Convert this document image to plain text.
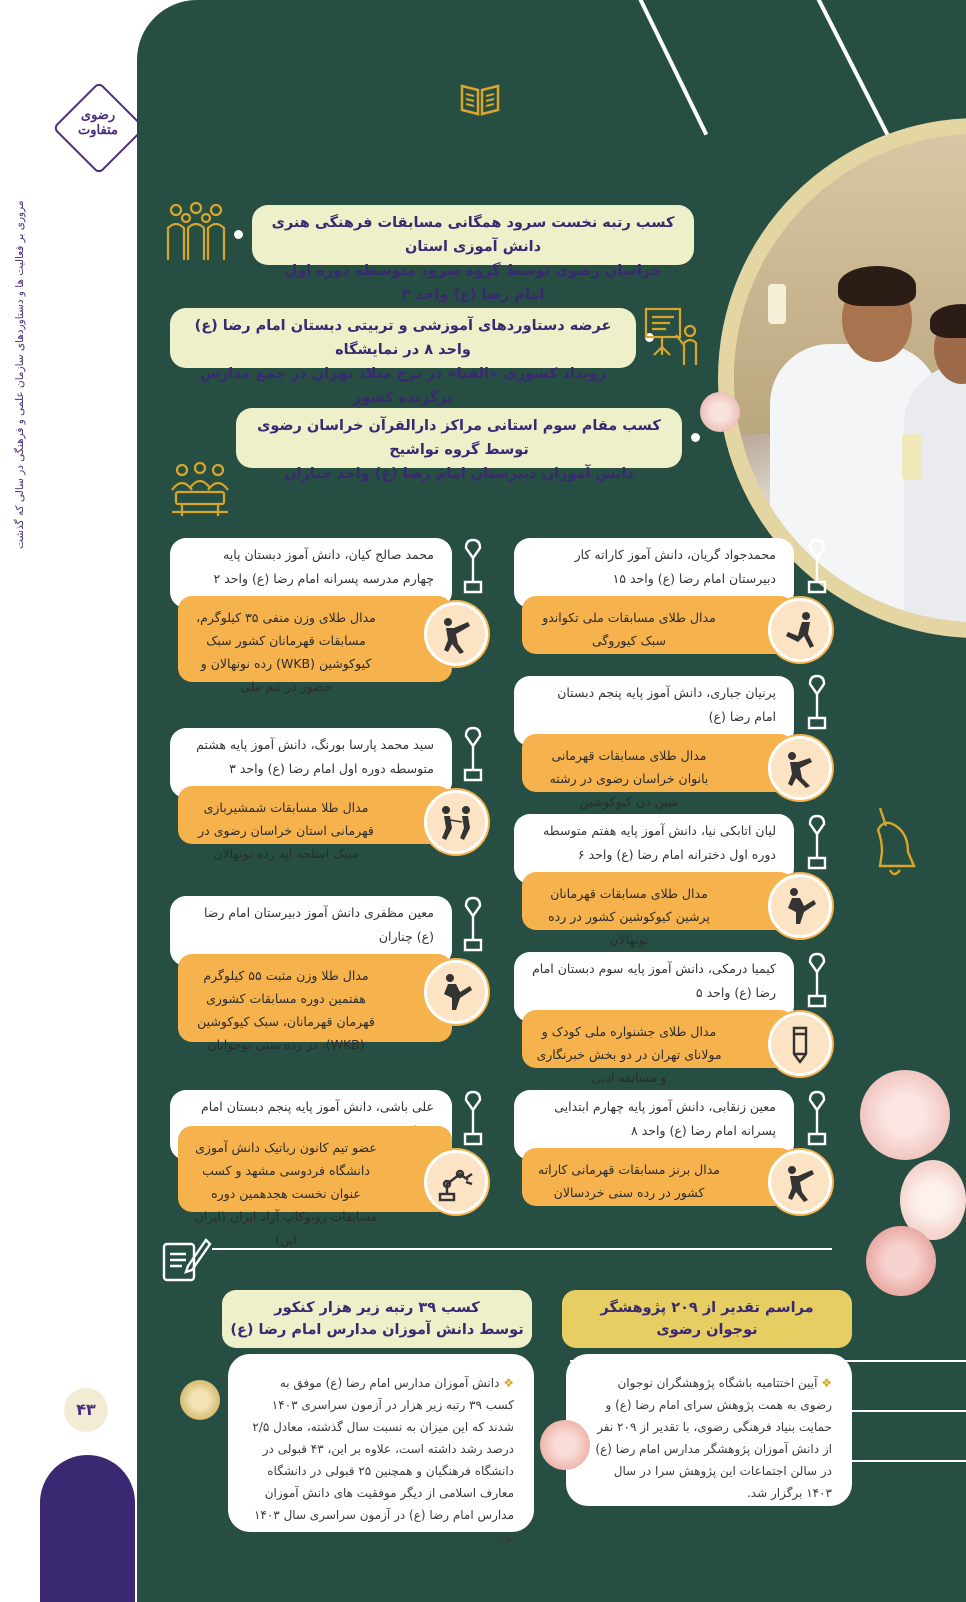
رضوی متفاوت
مروری بر فعالیت ها و دستاوردهای سازمان علمی و فرهنگی در سالی که گذشت
۴۳
کسب رتبه نخست سرود همگانی مسابقات فرهنگی هنری دانش آموزی استان
خراسان رضوی توسط گروه سرود متوسطه دوره اول امام رضا (ع) واحد ۳
عرضه دستاوردهای آموزشی و تربیتی دبستان امام رضا (ع) واحد ۸ در نمایشگاه
رویداد کشوری «الفتا» در برج میلاد تهران در جمع مدارس برگزیده کشور
کسب مقام سوم استانی مراکز دارالقرآن خراسان رضوی توسط گروه تواشیح
دانش آموزان دبیرستان امام رضا (ع) واحد چناران
محمدجواد گریان، دانش آموز کاراته کار دبیرستان امام رضا (ع) واحد ۱۵
مدال طلای مسابقات ملی تکواندو سبک کیوروگی
پرنیان جباری، دانش آموز پایه پنجم دبستان امام رضا (ع)
مدال طلای مسابقات قهرمانی بانوان خراسان رضوی در رشته شین ذن کیوکوشین
لیان اتابکی نیا، دانش آموز پایه هفتم متوسطه دوره اول دخترانه امام رضا (ع) واحد ۶
مدال طلای مسابقات قهرمانان پرشین کیوکوشین کشور در رده نونهالان
کیمیا درمکی، دانش آموز پایه سوم دبستان امام رضا (ع) واحد ۵
مدال طلای جشنواره ملی کودک و مولانای تهران در دو بخش خبرنگاری و مسابقه ادبی
معین زنقابی، دانش آموز پایه چهارم ابتدایی پسرانه امام رضا (ع) واحد ۸
مدال برنز مسابقات قهرمانی کاراته کشور در رده سنی خردسالان
محمد صالح کیان، دانش آموز دبستان پایه چهارم مدرسه پسرانه امام رضا (ع) واحد ۲
مدال طلای وزن منفی ۳۵ کیلوگرم، مسابقات قهرمانان کشور سبک کیوکوشین (WKB) رده نونهالان و حضور در تیم ملی
سید محمد پارسا بورنگ، دانش آموز پایه هشتم متوسطه دوره اول امام رضا (ع) واحد ۳
مدال طلا مسابقات شمشیربازی قهرمانی استان خراسان رضوی در سبک اسلحه اپه رده نونهالان
معین مظفری دانش آموز دبیرستان امام رضا (ع) چناران
مدال طلا وزن مثبت ۵۵ کیلوگرم هفتمین دوره مسابقات کشوری قهرمان قهرمانان، سبک کیوکوشین (WKB)، در رده سنی نوجوانان
علی باشی، دانش آموز پایه پنجم دبستان امام
عضو تیم کانون رباتیک دانش آموزی دانشگاه فردوسی مشهد و کسب عنوان نخست هجدهمین دوره مسابقات روبوکاپ آزاد ایران (ایران اپن)
مراسم تقدیر از ۲۰۹ پژوهشگر
نوجوان رضوی
❖ آیین اختتامیه باشگاه پژوهشگران نوجوان رضوی به همت پژوهش سرای امام رضا (ع) و حمایت بنیاد فرهنگی رضوی، با تقدیر از ۲۰۹ نفر از دانش آموزان پژوهشگر مدارس امام رضا (ع) در سالن اجتماعات این پژوهش سرا در سال ۱۴۰۳ برگزار شد.
کسب ۳۹ رتبه زیر هزار کنکور
توسط دانش آموزان مدارس امام رضا (ع)
❖ دانش آموزان مدارس امام رضا (ع) موفق به کسب ۳۹ رتبه زیر هزار در آزمون سراسری ۱۴۰۳ شدند که این میزان به نسبت سال گذشته، معادل ۲/۵ درصد رشد داشته است، علاوه بر این، ۴۳ قبولی در دانشگاه فرهنگیان و همچنین ۲۵ قبولی در دانشگاه معارف اسلامی از دیگر موفقیت های دانش آموزان مدارس امام رضا (ع) در آزمون سراسری سال ۱۴۰۳ بود.
